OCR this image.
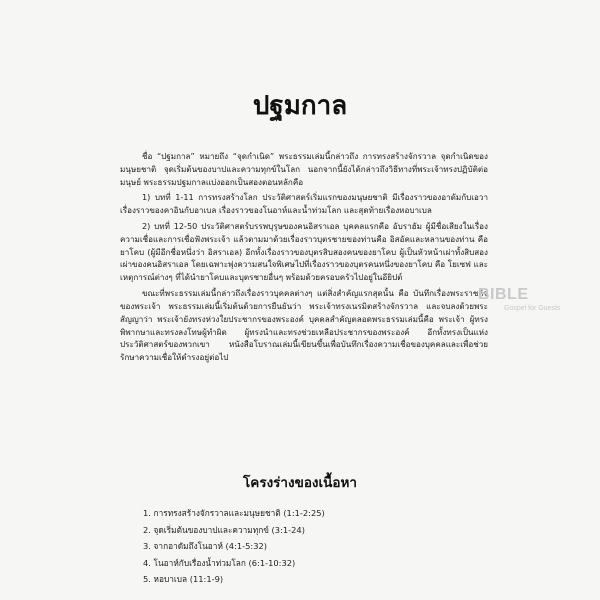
ปฐมกาล

ชื่อ “ปฐมกาล” หมายถึง “จุดกำเนิด” พระธรรมเล่มนี้กล่าวถึง การทรงสร้างจักรวาล จุดกำเนิดของมนุษยชาติ จุดเริ่มต้นของบาปและความทุกข์ในโลก นอกจากนี้ยังได้กล่าวถึงวิธีทางที่พระเจ้าทรงปฏิบัติต่อมนุษย์ พระธรรมปฐมกาลแบ่งออกเป็นสองตอนหลักคือ

1) บทที่ 1-11 การทรงสร้างโลก ประวัติศาสตร์เริ่มแรกของมนุษยชาติ มีเรื่องราวของอาดัมกับเอวา เรื่องราวของคาอินกับอาเบล เรื่องราวของโนอาห์และน้ำท่วมโลก และสุดท้ายเรื่องหอบาเบล

2) บทที่ 12-50 ประวัติศาสตร์บรรพบุรุษของคนอิสราเอล บุคคลแรกคือ อับราฮัม ผู้มีชื่อเสียงในเรื่องความเชื่อและการเชื่อฟังพระเจ้า แล้วตามมาด้วยเรื่องราวบุตรชายของท่านคือ อิสอัคและหลานของท่าน คือ ยาโคบ (ผู้มีอีกชื่อหนึ่งว่า อิสราเอล) อีกทั้งเรื่องราวของบุตรสิบสองคนของยาโคบ ผู้เป็นหัวหน้าเผ่าทั้งสิบสองเผ่าของคนอิสราเอล โดยเฉพาะพุ่งความสนใจพิเศษไปที่เรื่องราวของบุตรคนหนึ่งของยาโคบ คือ โยเซฟ และเหตุการณ์ต่างๆ ที่ได้นำยาโคบและบุตรชายอื่นๆ พร้อมด้วยครอบครัวไปอยู่ในอียิปต์

ขณะที่พระธรรมเล่มนี้กล่าวถึงเรื่องราวบุคคลต่างๆ แต่สิ่งสำคัญแรกสุดนั้น คือ บันทึกเรื่องพระราชกิจของพระเจ้า พระธรรมเล่มนี้เริ่มต้นด้วยการยืนยันว่า พระเจ้าทรงเนรมิตสร้างจักรวาล และจบลงด้วยพระสัญญาว่า พระเจ้ายังทรงห่วงใยประชากรของพระองค์ บุคคลสำคัญตลอดพระธรรมเล่มนี้คือ พระเจ้า ผู้ทรงพิพากษาและทรงลงโทษผู้ทำผิด ผู้ทรงนำและทรงช่วยเหลือประชากรของพระองค์ อีกทั้งทรงเป็นแห่งประวัติศาสตร์ของพวกเขา หนังสือโบราณเล่มนี้เขียนขึ้นเพื่อบันทึกเรื่องความเชื่อของบุคคลและเพื่อช่วยรักษาความเชื่อให้ดำรงอยู่ต่อไป

BIBLE
Gospel for Guests
โครงร่างของเนื้อหา
1. การทรงสร้างจักรวาลและมนุษยชาติ (1:1-2:25)
2. จุดเริ่มต้นของบาปและความทุกข์ (3:1-24)
3. จากอาดัมถึงโนอาห์ (4:1-5:32)
4. โนอาห์กับเรื่องน้ำท่วมโลก (6:1-10:32)
5. หอบาเบล (11:1-9)
